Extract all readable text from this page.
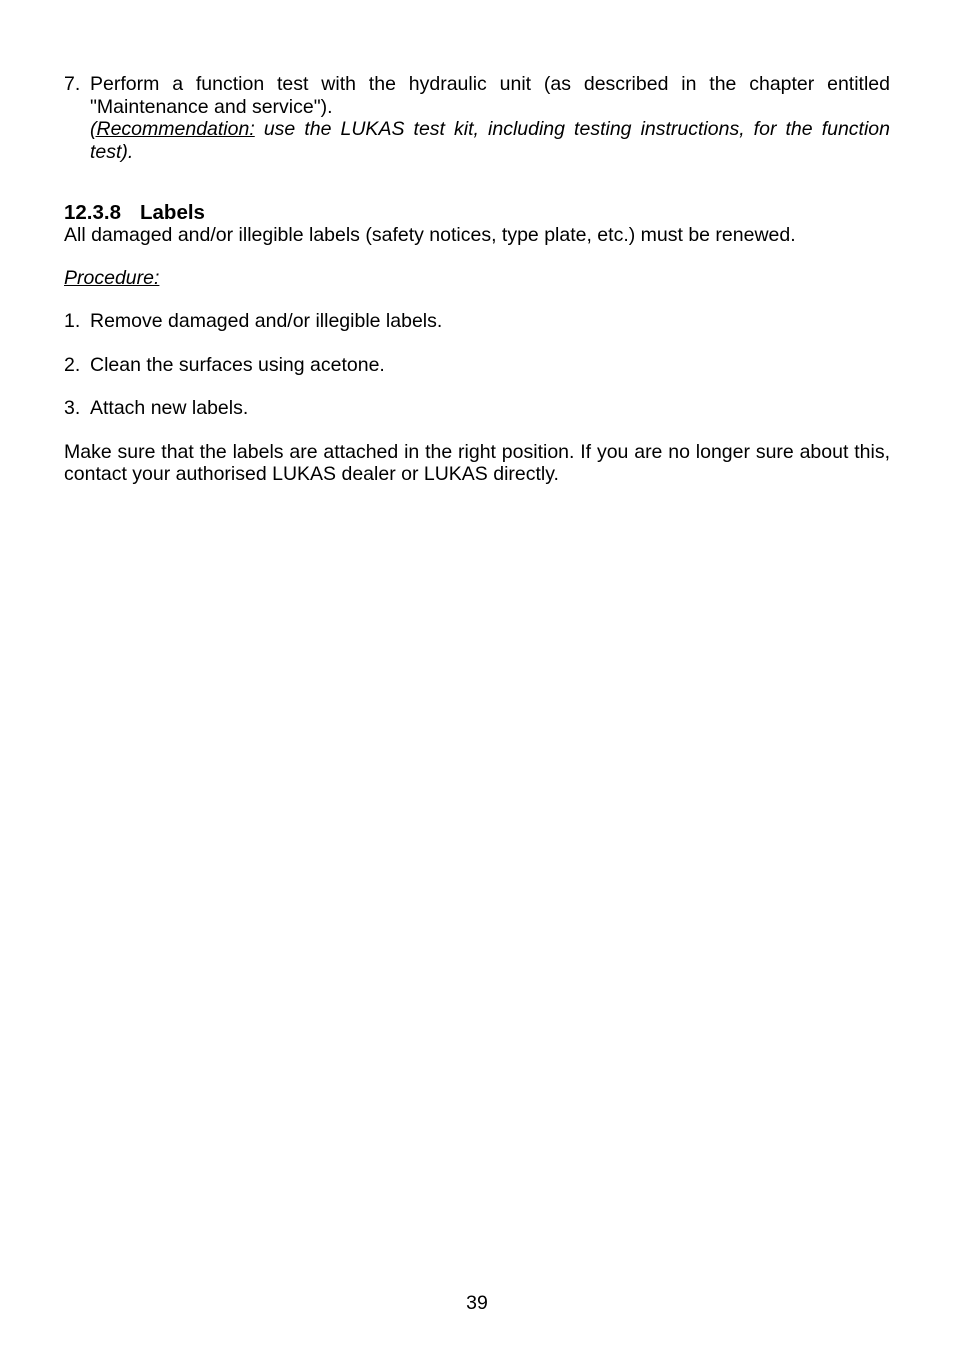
7. Perform a function test with the hydraulic unit (as described in the chapter entitled "Maintenance and service").

(Recommendation: use the LUKAS test kit, including testing instructions, for the function test).

12.3.8 Labels

All damaged and/or illegible labels (safety notices, type plate, etc.) must be renewed.

Procedure:

1. Remove damaged and/or illegible labels.
2. Clean the surfaces using acetone.
3. Attach new labels.

Make sure that the labels are attached in the right position. If you are no longer sure about this, contact your authorised LUKAS dealer or LUKAS directly.

39
